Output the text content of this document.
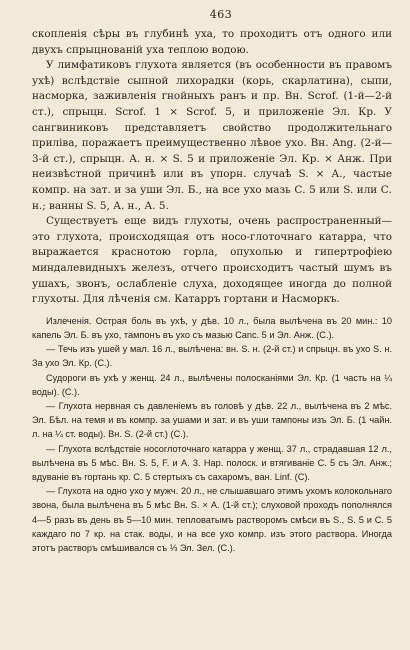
463

скопленія сѣры въ глубинѣ уха, то проходитъ отъ одного или двухъ спрыцнованій уха теплою водою.

У лимфатиковъ глухота является (въ особенности въ правомъ ухѣ) вслѣдствіе сыпной лихорадки (корь, скарлатина), сыпи, насморка, заживленія гнойныхъ ранъ и пр. Вн. Scrof. (1-й—2-й ст.), спрыцн. Scrof. 1 × Scrof. 5, и приложеніе Эл. Кр. У сангвиниковъ представляетъ свойство продолжительнаго приліва, поражаетъ преимущественно лѣвое ухо. Вн. Ang. (2-й—3-й ст.), спрыцн. А. н. × S. 5 и приложеніе Эл. Кр. × Анж. При неизвѣстной причинѣ или въ упорн. случаѣ S. × А., частые компр. на зат. и за уши Эл. Б., на все ухо мазь С. 5 или S. или С. н.; ванны S. 5, А. н., А. 5.

Существуетъ еще видъ глухоты, очень распространенный—это глухота, происходящая отъ носо-глоточнаго катарра, что выражается краснотою горла, опухолью и гипертрофіею миндалевидныхъ железъ, отчего происходитъ частый шумъ въ ушахъ, звонъ, ослабленіе слуха, доходящее иногда до полной глухоты. Для лѣченія см. Катарръ гортани и Насморкъ.

Излеченія. Острая боль въ ухѣ, у дѣв. 10 л., была вылѣчена въ 20 мин.: 10 капель Эл. Б. въ ухо, тампонъ въ ухо съ мазью Canc. 5 и Эл. Анж. (С.).

— Течь изъ ушей у мал. 16 л., вылѣчена: вн. S. н. (2-й ст.) и спрыцн. въ ухо S. н. За ухо Эл. Кр. (С.).

Судороги въ ухѣ у женщ. 24 л., вылѣчены полосканіями Эл. Кр. (1 часть на ¼ воды). (С.).

— Глухота нервная съ давленіемъ въ головѣ у дѣв. 22 л., вылѣчена въ 2 мѣс. Эл. Бѣл. на темя и въ компр. за ушами и зат. и въ уши тампоны изъ Эл. Б. (1 чайн. л. на ¼ ст. воды). Вн. S. (2-й ст.) (С.).

— Глухота вслѣдствіе носоглоточнаго катарра у женщ. 37 л., страдавшая 12 л., вылѣчена въ 5 мѣс. Вн. S. 5, F. и А. 3. Нар. полоск. и втягиваніе С. 5 съ Эл. Анж.; вдуваніе въ гортань кр. С. 5 стертыхъ съ сахаромъ, ван. Linf. (С).

— Глухота на одно ухо у мужч. 20 л., не слышавшаго этимъ ухомъ колокольнаго звона, была вылѣчена въ 5 мѣс Вн. S. × А. (1-й ст.); слуховой проходъ пополнялся 4—5 разъ въ день въ 5—10 мин. тепловатымъ растворомъ смѣси въ S., S. 5 и С. 5 каждаго по 7 кр. на стак. воды, и на все ухо компр. изъ этого раствора. Иногда этотъ растворъ смѣшивался съ ⅓ Эл. Зел. (С.).
